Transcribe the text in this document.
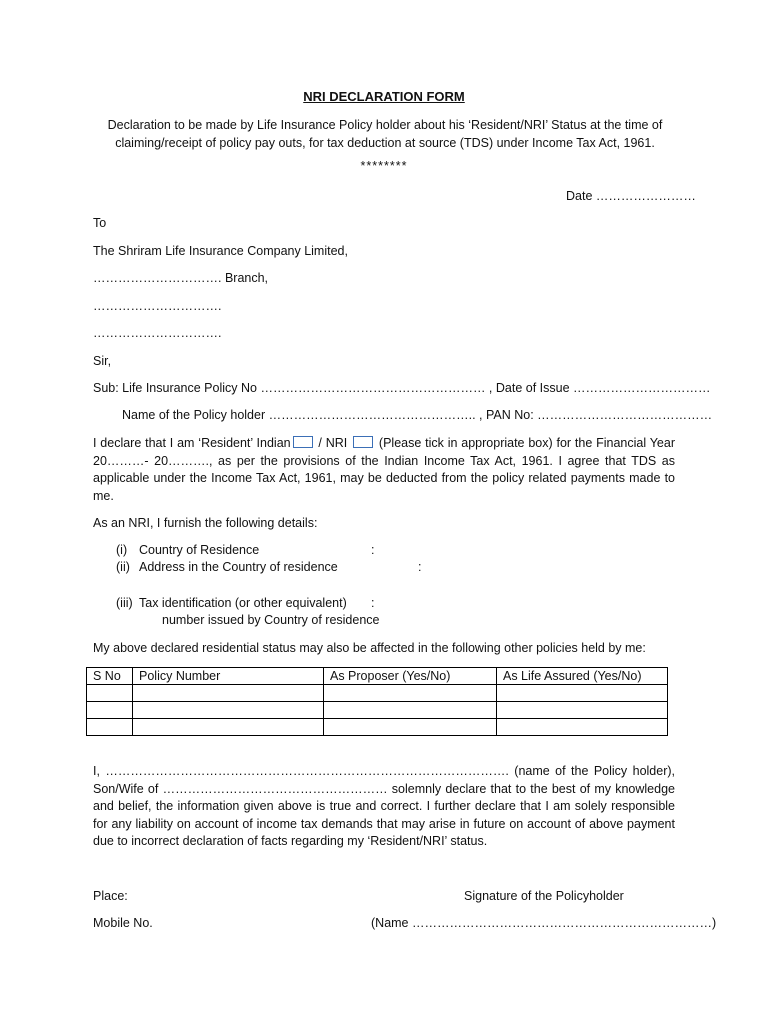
NRI DECLARATION FORM
Declaration to be made by Life Insurance Policy holder about his ‘Resident/NRI’ Status at the time of claiming/receipt of policy pay outs, for tax deduction at source (TDS) under Income Tax Act, 1961.
********
Date ……………………
To
The Shriram Life Insurance Company Limited,
…………………………. Branch,
………………………….
………………………….
Sir,
Sub: Life Insurance Policy No ……………………………………………… , Date of Issue ……………………………
Name of the Policy holder ………………………………………….. , PAN No: ……………………………………
I declare that I am ‘Resident’ Indian / NRI  (Please tick in appropriate box) for the Financial Year 20………- 20………., as per the provisions of the Indian Income Tax Act, 1961. I agree that TDS as applicable under the Income Tax Act, 1961, may be deducted from the policy related payments made to me.
As an NRI, I furnish the following details:
(i) Country of Residence	:
(ii) Address in the Country of residence	:
(iii) Tax identification (or other equivalent) :
number issued by Country of residence
My above declared residential status may also be affected in the following other policies held by me:
S No	Policy Number	As Proposer (Yes/No)	As Life Assured (Yes/No)

I, ……………………………………………………………………………………. (name of the Policy holder), Son/Wife of ……………………………………………… solemnly declare that to the best of my knowledge and belief, the information given above is true and correct. I further declare that I am solely responsible for any liability on account of income tax demands that may arise in future on account of above payment due to incorrect declaration of facts regarding my ‘Resident/NRI’ status.
Place:	Signature of the Policyholder
Mobile No.	(Name ………………………………………………………………)
